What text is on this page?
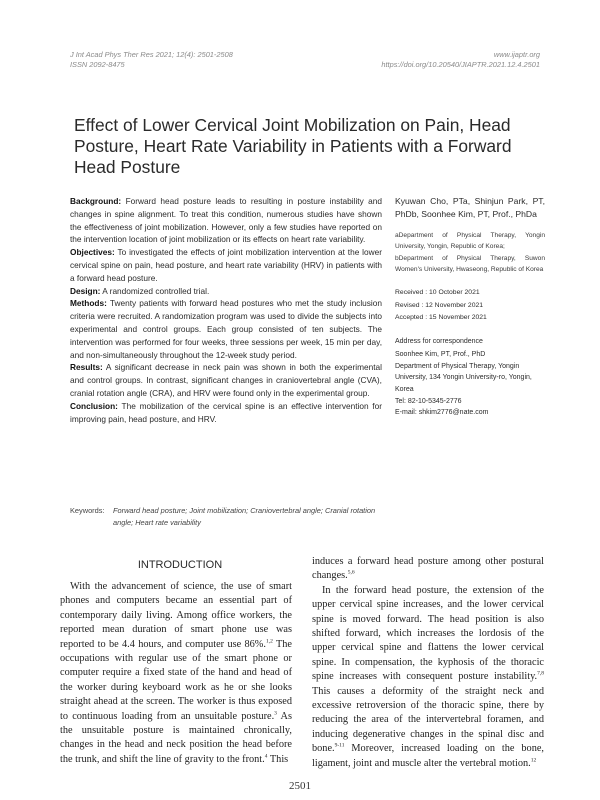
J Int Acad Phys Ther Res 2021; 12(4): 2501-2508
ISSN 2092-8475
www.ijaptr.org
https://doi.org/10.20540/JIAPTR.2021.12.4.2501
Effect of Lower Cervical Joint Mobilization on Pain, Head Posture, Heart Rate Variability in Patients with a Forward Head Posture

Background: Forward head posture leads to resulting in posture instability and changes in spine alignment. To treat this condition, numerous studies have shown the effectiveness of joint mobilization. However, only a few studies have reported on the intervention location of joint mobilization or its effects on heart rate variability.

Objectives: To investigated the effects of joint mobilization intervention at the lower cervical spine on pain, head posture, and heart rate variability (HRV) in patients with a forward head posture.

Design: A randomized controlled trial.

Methods: Twenty patients with forward head postures who met the study inclusion criteria were recruited. A randomization program was used to divide the subjects into experimental and control groups. Each group consisted of ten subjects. The intervention was performed for four weeks, three sessions per week, 15 min per day, and non-simultaneously throughout the 12-week study period.

Results: A significant decrease in neck pain was shown in both the experimental and control groups. In contrast, significant changes in craniovertebral angle (CVA), cranial rotation angle (CRA), and HRV were found only in the experimental group.

Conclusion: The mobilization of the cervical spine is an effective intervention for improving pain, head posture, and HRV.

Kyuwan Cho, PTa, Shinjun Park, PT, PhDb, Soonhee Kim, PT, Prof., PhDa

aDepartment of Physical Therapy, Yongin University, Yongin, Republic of Korea;

bDepartment of Physical Therapy, Suwon Women's University, Hwaseong, Republic of Korea

Received : 10 October 2021
Revised : 12 November 2021
Accepted : 15 November 2021
Address for correspondence
Soonhee Kim, PT, Prof., PhD
Department of Physical Therapy, Yongin University, 134 Yongin University-ro, Yongin, Korea
Tel: 82-10-5345-2776
E-mail: shkim2776@nate.com
Keywords: Forward head posture; Joint mobilization; Craniovertebral angle; Cranial rotation angle; Heart rate variability
INTRODUCTION

With the advancement of science, the use of smart phones and computers became an essential part of contemporary daily living. Among office workers, the reported mean duration of smart phone use was reported to be 4.4 hours, and computer use 86%.$^{1,2}$ The occupations with regular use of the smart phone or computer require a fixed state of the hand and head of the worker during keyboard work as he or she looks straight ahead at the screen. The worker is thus exposed to continuous loading from an unsuitable posture.$^3$ As the unsuitable posture is maintained chronically, changes in the head and neck position the head before the trunk, and shift the line of gravity to the front.$^4$ This

induces a forward head posture among other postural changes.$^{5,6}$

In the forward head posture, the extension of the upper cervical spine increases, and the lower cervical spine is moved forward. The head position is also shifted forward, which increases the lordosis of the upper cervical spine and flattens the lower cervical spine. In compensation, the kyphosis of the thoracic spine increases with consequent posture instability.$^{7,8}$ This causes a deformity of the straight neck and excessive retroversion of the thoracic spine, there by reducing the area of the intervertebral foramen, and inducing degenerative changes in the spinal disc and bone.$^{9-11}$ Moreover, increased loading on the bone, ligament, joint and muscle alter the vertebral motion.$^{12}$

2501
